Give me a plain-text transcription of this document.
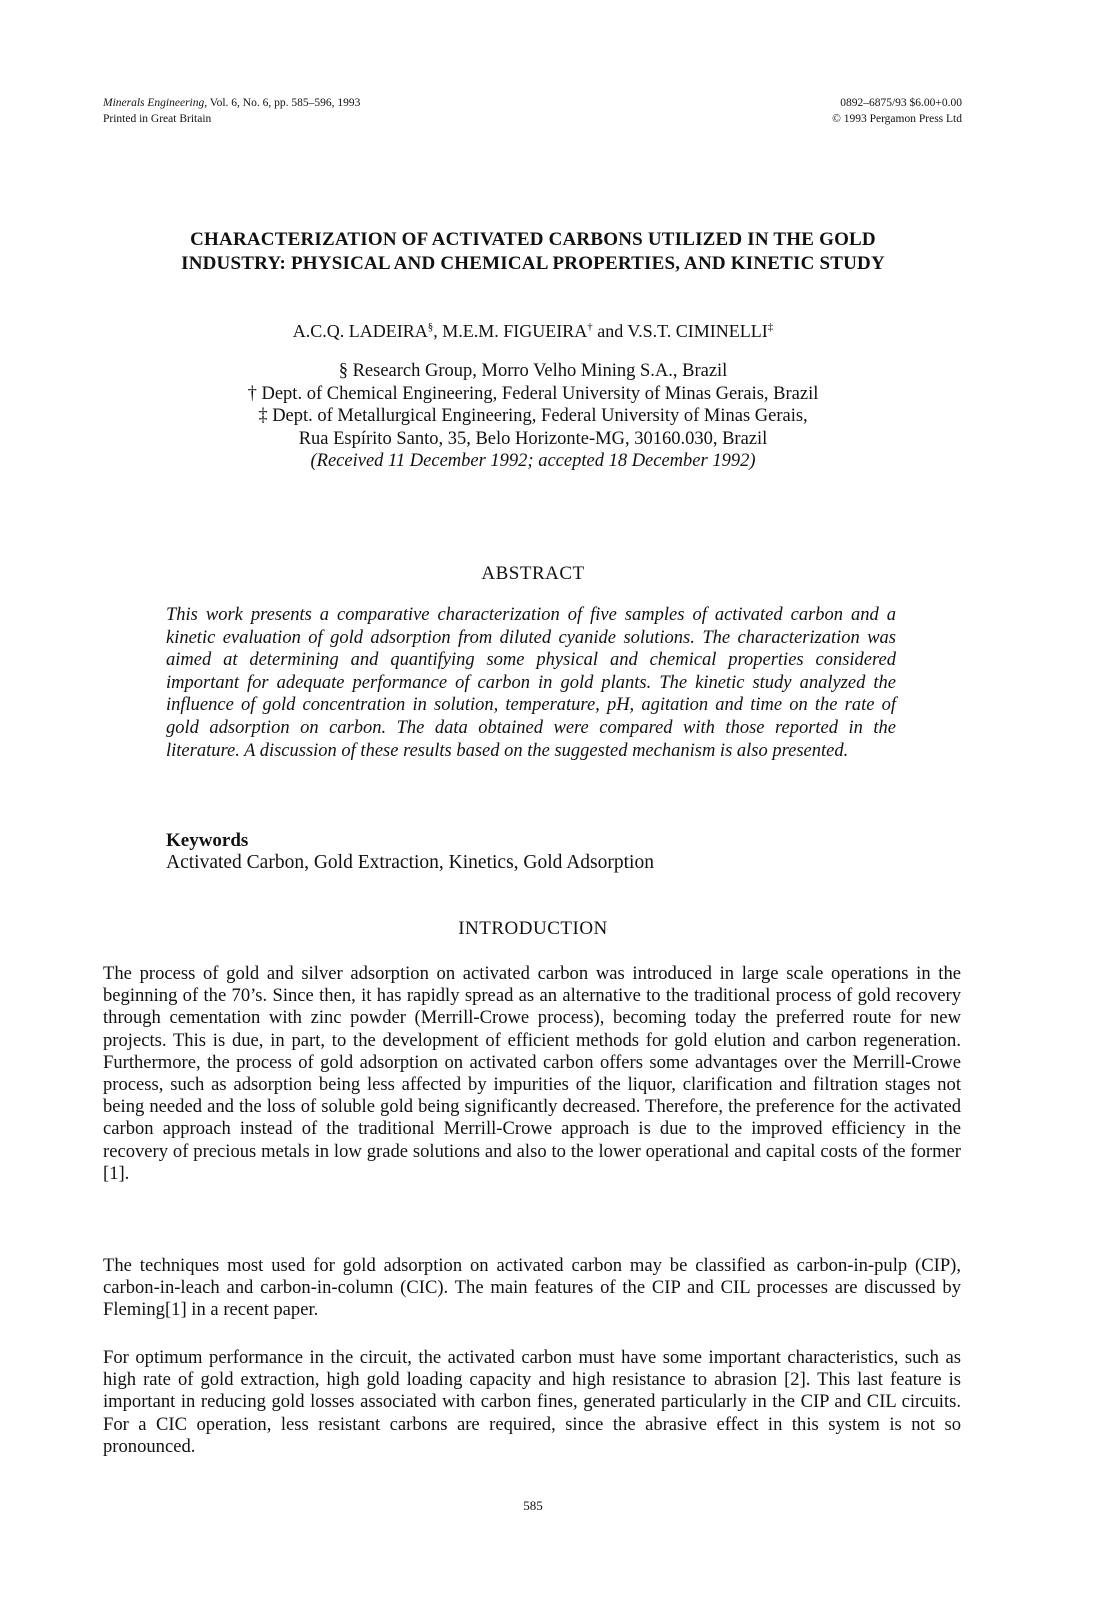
Minerals Engineering, Vol. 6, No. 6, pp. 585–596, 1993
Printed in Great Britain
0892–6875/93 $6.00+0.00
© 1993 Pergamon Press Ltd
CHARACTERIZATION OF ACTIVATED CARBONS UTILIZED IN THE GOLD
INDUSTRY: PHYSICAL AND CHEMICAL PROPERTIES, AND KINETIC STUDY
A.C.Q. LADEIRA§, M.E.M. FIGUEIRA† and V.S.T. CIMINELLI‡
§ Research Group, Morro Velho Mining S.A., Brazil
† Dept. of Chemical Engineering, Federal University of Minas Gerais, Brazil
‡ Dept. of Metallurgical Engineering, Federal University of Minas Gerais,
Rua Espírito Santo, 35, Belo Horizonte-MG, 30160.030, Brazil
(Received 11 December 1992; accepted 18 December 1992)
ABSTRACT
This work presents a comparative characterization of five samples of activated carbon and a kinetic evaluation of gold adsorption from diluted cyanide solutions. The characterization was aimed at determining and quantifying some physical and chemical properties considered important for adequate performance of carbon in gold plants. The kinetic study analyzed the influence of gold concentration in solution, temperature, pH, agitation and time on the rate of gold adsorption on carbon. The data obtained were compared with those reported in the literature. A discussion of these results based on the suggested mechanism is also presented.
Keywords
Activated Carbon, Gold Extraction, Kinetics, Gold Adsorption
INTRODUCTION
The process of gold and silver adsorption on activated carbon was introduced in large scale operations in the beginning of the 70’s. Since then, it has rapidly spread as an alternative to the traditional process of gold recovery through cementation with zinc powder (Merrill-Crowe process), becoming today the preferred route for new projects. This is due, in part, to the development of efficient methods for gold elution and carbon regeneration. Furthermore, the process of gold adsorption on activated carbon offers some advantages over the Merrill-Crowe process, such as adsorption being less affected by impurities of the liquor, clarification and filtration stages not being needed and the loss of soluble gold being significantly decreased. Therefore, the preference for the activated carbon approach instead of the traditional Merrill-Crowe approach is due to the improved efficiency in the recovery of precious metals in low grade solutions and also to the lower operational and capital costs of the former [1].
The techniques most used for gold adsorption on activated carbon may be classified as carbon-in-pulp (CIP), carbon-in-leach and carbon-in-column (CIC). The main features of the CIP and CIL processes are discussed by Fleming[1] in a recent paper.
For optimum performance in the circuit, the activated carbon must have some important characteristics, such as high rate of gold extraction, high gold loading capacity and high resistance to abrasion [2]. This last feature is important in reducing gold losses associated with carbon fines, generated particularly in the CIP and CIL circuits. For a CIC operation, less resistant carbons are required, since the abrasive effect in this system is not so pronounced.
585
